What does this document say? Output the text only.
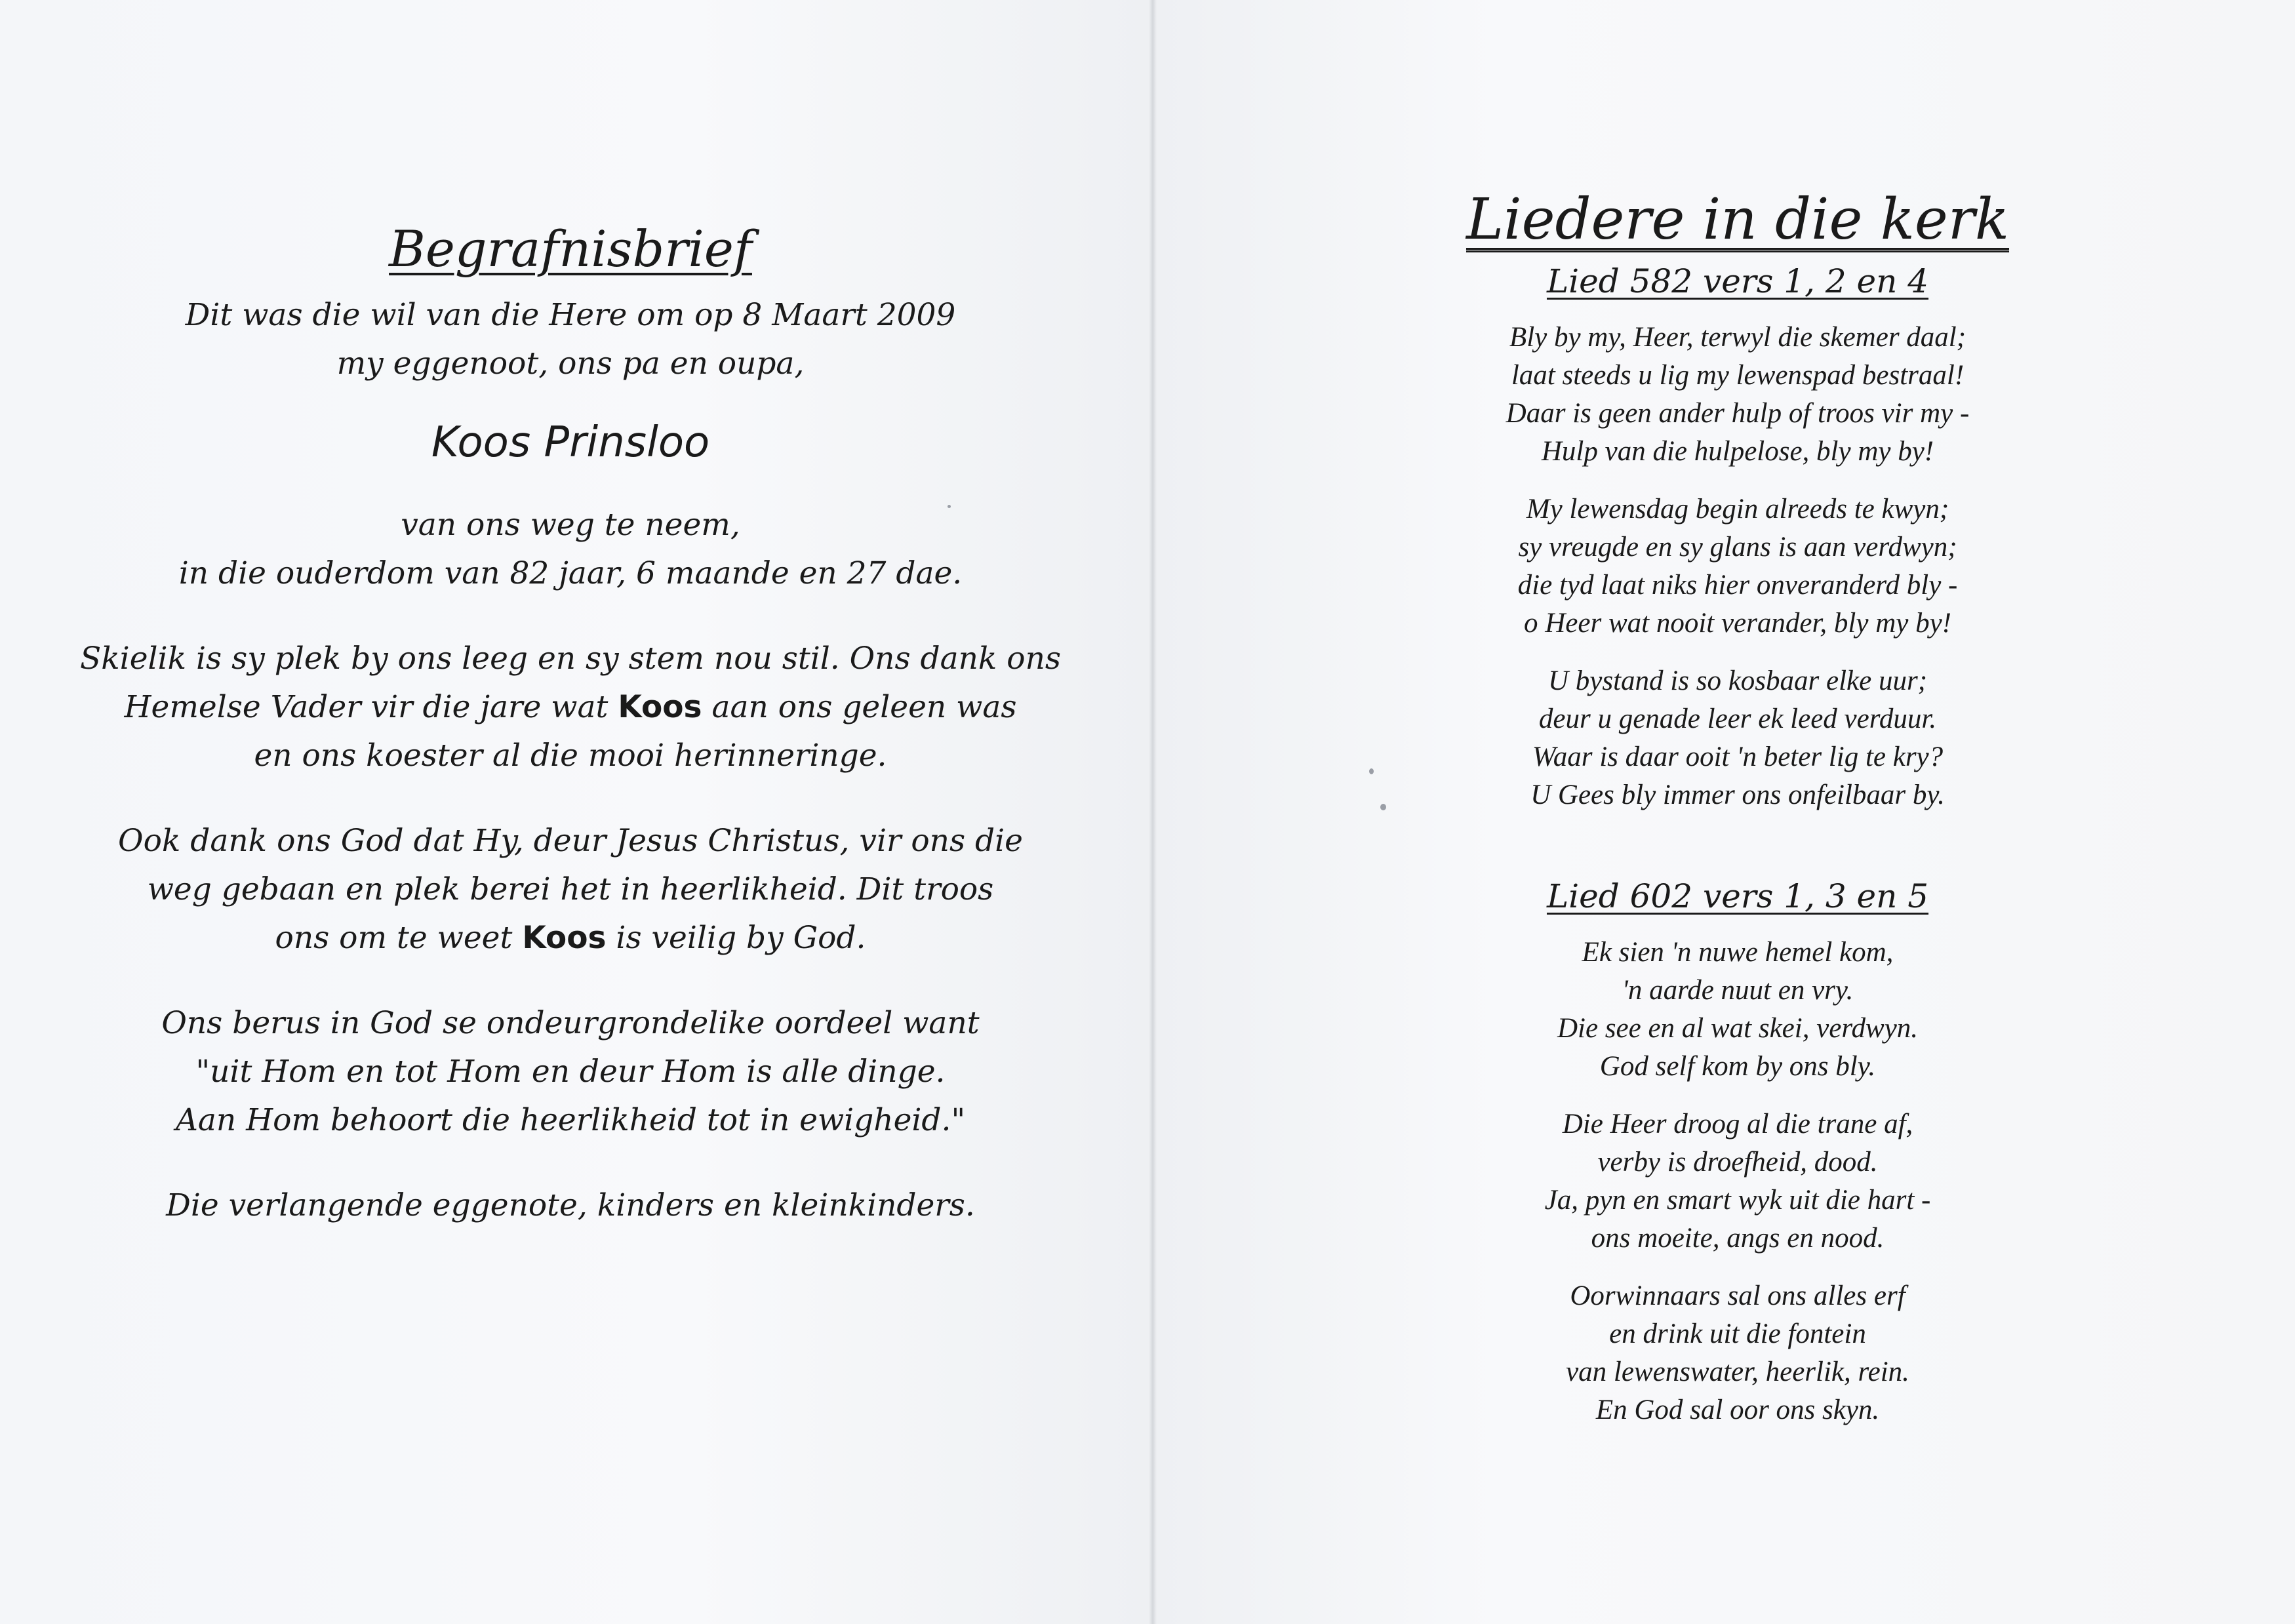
Begrafnisbrief

Dit was die wil van die Here om op 8 Maart 2009

my eggenoot, ons pa en oupa,

Koos Prinsloo

van ons weg te neem,

in die ouderdom van 82 jaar, 6 maande en 27 dae.

Skielik is sy plek by ons leeg en sy stem nou stil. Ons dank ons

Hemelse Vader vir die jare wat Koos aan ons geleen was

en ons koester al die mooi herinneringe.

Ook dank ons God dat Hy, deur Jesus Christus, vir ons die

weg gebaan en plek berei het in heerlikheid. Dit troos

ons om te weet Koos is veilig by God.

Ons berus in God se ondeurgrondelike oordeel want

"uit Hom en tot Hom en deur Hom is alle dinge.

Aan Hom behoort die heerlikheid tot in ewigheid."

Die verlangende eggenote, kinders en kleinkinders.

Liedere in die kerk
Lied 582 vers 1, 2 en 4

Bly by my, Heer, terwyl die skemer daal;

laat steeds u lig my lewenspad bestraal!

Daar is geen ander hulp of troos vir my -

Hulp van die hulpelose, bly my by!

My lewensdag begin alreeds te kwyn;

sy vreugde en sy glans is aan verdwyn;

die tyd laat niks hier onveranderd bly -

o Heer wat nooit verander, bly my by!

U bystand is so kosbaar elke uur;

deur u genade leer ek leed verduur.

Waar is daar ooit 'n beter lig te kry?

U Gees bly immer ons onfeilbaar by.

Lied 602 vers 1, 3 en 5

Ek sien 'n nuwe hemel kom,

'n aarde nuut en vry.

Die see en al wat skei, verdwyn.

God self kom by ons bly.

Die Heer droog al die trane af,

verby is droefheid, dood.

Ja, pyn en smart wyk uit die hart -

ons moeite, angs en nood.

Oorwinnaars sal ons alles erf

en drink uit die fontein

van lewenswater, heerlik, rein.

En God sal oor ons skyn.
